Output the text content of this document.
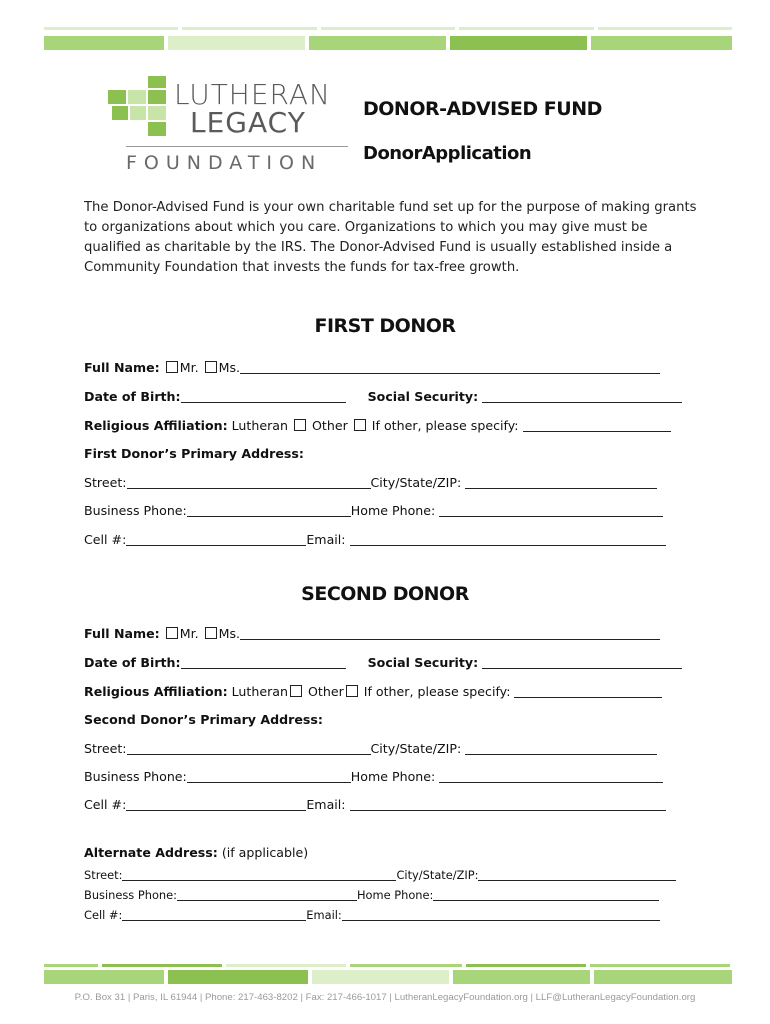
LUTHERAN
LEGACY
FOUNDATION
DONOR-ADVISED FUND
DonorApplication
The Donor-Advised Fund is your own charitable fund set up for the purpose of making grants to organizations about which you care. Organizations to which you may give must be qualified as charitable by the IRS. The Donor-Advised Fund is usually established inside a Community Foundation that invests the funds for tax-free growth.
FIRST DONOR
Full Name: Mr. Ms.
Date of Birth:	Social Security:
Religious Affiliation: Lutheran Other If other, please specify:
First Donor’s Primary Address:
Street:	City/State/ZIP:
Business Phone:	Home Phone:
Cell #:	Email:
SECOND DONOR
Full Name: Mr. Ms.
Date of Birth:	Social Security:
Religious Affiliation: Lutheran Other If other, please specify:
Second Donor’s Primary Address:
Street:	City/State/ZIP:
Business Phone:	Home Phone:
Cell #:	Email:
Alternate Address: (if applicable)
Street:	City/State/ZIP:
Business Phone:	Home Phone:
Cell #:	Email:
P.O. Box 31 | Paris, IL 61944 | Phone: 217-463-8202 | Fax: 217-466-1017 | LutheranLegacyFoundation.org | LLF@LutheranLegacyFoundation.org
